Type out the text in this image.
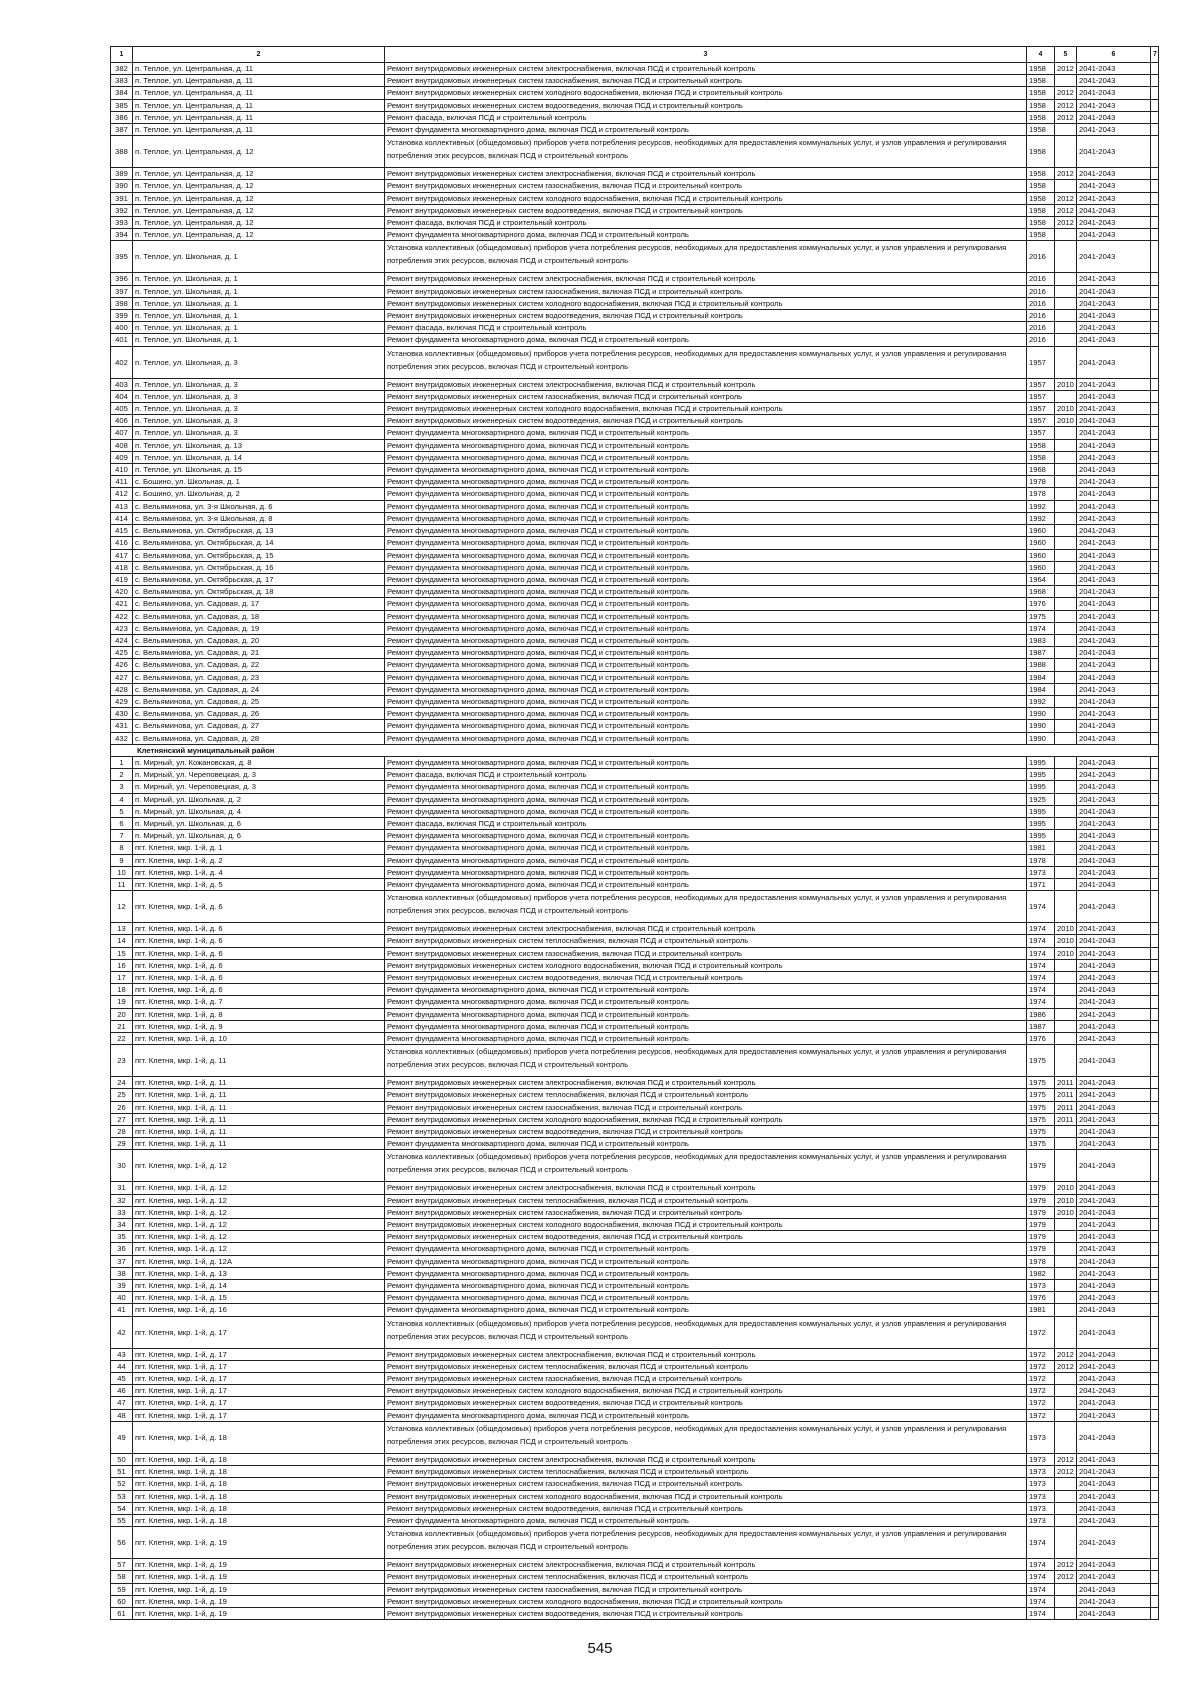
1	2	3	4	5	6	7
382	п. Теплое, ул. Центральная, д. 11	Ремонт внутридомовых инженерных систем электроснабжения, включая ПСД и строительный контроль	1958	2012	2041-2043	
383	п. Теплое, ул. Центральная, д. 11	Ремонт внутридомовых инженерных систем газоснабжения, включая ПСД и строительный контроль	1958		2041-2043	
384	п. Теплое, ул. Центральная, д. 11	Ремонт внутридомовых инженерных систем холодного водоснабжения, включая ПСД и строительный контроль	1958	2012	2041-2043	
385	п. Теплое, ул. Центральная, д. 11	Ремонт внутридомовых инженерных систем водоотведения, включая ПСД и строительный контроль	1958	2012	2041-2043	
386	п. Теплое, ул. Центральная, д. 11	Ремонт фасада, включая ПСД и строительный контроль	1958	2012	2041-2043	
387	п. Теплое, ул. Центральная, д. 11	Ремонт фундамента многоквартирного дома, включая ПСД и строительный контроль	1958		2041-2043	
388	п. Теплое, ул. Центральная, д. 12	Установка коллективных (общедомовых) приборов учета потребления ресурсов, необходимых для предоставления коммунальных услуг, и узлов управления и регулирования потребления этих ресурсов, включая ПСД и строительный контроль	1958		2041-2043	
389	п. Теплое, ул. Центральная, д. 12	Ремонт внутридомовых инженерных систем электроснабжения, включая ПСД и строительный контроль	1958	2012	2041-2043	
390	п. Теплое, ул. Центральная, д. 12	Ремонт внутридомовых инженерных систем газоснабжения, включая ПСД и строительный контроль	1958		2041-2043	
391	п. Теплое, ул. Центральная, д. 12	Ремонт внутридомовых инженерных систем холодного водоснабжения, включая ПСД и строительный контроль	1958	2012	2041-2043	
392	п. Теплое, ул. Центральная, д. 12	Ремонт внутридомовых инженерных систем водоотведения, включая ПСД и строительный контроль	1958	2012	2041-2043	
393	п. Теплое, ул. Центральная, д. 12	Ремонт фасада, включая ПСД и строительный контроль	1958	2012	2041-2043	
394	п. Теплое, ул. Центральная, д. 12	Ремонт фундамента многоквартирного дома, включая ПСД и строительный контроль	1958		2041-2043	
395	п. Теплое, ул. Школьная, д. 1	Установка коллективных (общедомовых) приборов учета потребления ресурсов, необходимых для предоставления коммунальных услуг, и узлов управления и регулирования потребления этих ресурсов, включая ПСД и строительный контроль	2016		2041-2043	
396	п. Теплое, ул. Школьная, д. 1	Ремонт внутридомовых инженерных систем электроснабжения, включая ПСД и строительный контроль	2016		2041-2043	
397	п. Теплое, ул. Школьная, д. 1	Ремонт внутридомовых инженерных систем газоснабжения, включая ПСД и строительный контроль	2016		2041-2043	
398	п. Теплое, ул. Школьная, д. 1	Ремонт внутридомовых инженерных систем холодного водоснабжения, включая ПСД и строительный контроль	2016		2041-2043	
399	п. Теплое, ул. Школьная, д. 1	Ремонт внутридомовых инженерных систем водоотведения, включая ПСД и строительный контроль	2016		2041-2043	
400	п. Теплое, ул. Школьная, д. 1	Ремонт фасада, включая ПСД и строительный контроль	2016		2041-2043	
401	п. Теплое, ул. Школьная, д. 1	Ремонт фундамента многоквартирного дома, включая ПСД и строительный контроль	2016		2041-2043	
402	п. Теплое, ул. Школьная, д. 3	Установка коллективных (общедомовых) приборов учета потребления ресурсов, необходимых для предоставления коммунальных услуг, и узлов управления и регулирования потребления этих ресурсов, включая ПСД и строительный контроль	1957		2041-2043	
403	п. Теплое, ул. Школьная, д. 3	Ремонт внутридомовых инженерных систем электроснабжения, включая ПСД и строительный контроль	1957	2010	2041-2043	
404	п. Теплое, ул. Школьная, д. 3	Ремонт внутридомовых инженерных систем газоснабжения, включая ПСД и строительный контроль	1957		2041-2043	
405	п. Теплое, ул. Школьная, д. 3	Ремонт внутридомовых инженерных систем холодного водоснабжения, включая ПСД и строительный контроль	1957	2010	2041-2043	
406	п. Теплое, ул. Школьная, д. 3	Ремонт внутридомовых инженерных систем водоотведения, включая ПСД и строительный контроль	1957	2010	2041-2043	
407	п. Теплое, ул. Школьная, д. 3	Ремонт фундамента многоквартирного дома, включая ПСД и строительный контроль	1957		2041-2043	
408	п. Теплое, ул. Школьная, д. 13	Ремонт фундамента многоквартирного дома, включая ПСД и строительный контроль	1958		2041-2043	
409	п. Теплое, ул. Школьная, д. 14	Ремонт фундамента многоквартирного дома, включая ПСД и строительный контроль	1958		2041-2043	
410	п. Теплое, ул. Школьная, д. 15	Ремонт фундамента многоквартирного дома, включая ПСД и строительный контроль	1968		2041-2043	
411	с. Бошино, ул. Школьная, д. 1	Ремонт фундамента многоквартирного дома, включая ПСД и строительный контроль	1978		2041-2043	
412	с. Бошино, ул. Школьная, д. 2	Ремонт фундамента многоквартирного дома, включая ПСД и строительный контроль	1978		2041-2043	
413	с. Вельяминова, ул. 3-я Школьная, д. 6	Ремонт фундамента многоквартирного дома, включая ПСД и строительный контроль	1992		2041-2043	
414	с. Вельяминова, ул. 3-я Школьная, д. 8	Ремонт фундамента многоквартирного дома, включая ПСД и строительный контроль	1992		2041-2043	
415	с. Вельяминова, ул. Октябрьская, д. 13	Ремонт фундамента многоквартирного дома, включая ПСД и строительный контроль	1960		2041-2043	
416	с. Вельяминова, ул. Октябрьская, д. 14	Ремонт фундамента многоквартирного дома, включая ПСД и строительный контроль	1960		2041-2043	
417	с. Вельяминова, ул. Октябрьская, д. 15	Ремонт фундамента многоквартирного дома, включая ПСД и строительный контроль	1960		2041-2043	
418	с. Вельяминова, ул. Октябрьская, д. 16	Ремонт фундамента многоквартирного дома, включая ПСД и строительный контроль	1960		2041-2043	
419	с. Вельяминова, ул. Октябрьская, д. 17	Ремонт фундамента многоквартирного дома, включая ПСД и строительный контроль	1964		2041-2043	
420	с. Вельяминова, ул. Октябрьская, д. 18	Ремонт фундамента многоквартирного дома, включая ПСД и строительный контроль	1968		2041-2043	
421	с. Вельяминова, ул. Садовая, д. 17	Ремонт фундамента многоквартирного дома, включая ПСД и строительный контроль	1976		2041-2043	
422	с. Вельяминова, ул. Садовая, д. 18	Ремонт фундамента многоквартирного дома, включая ПСД и строительный контроль	1975		2041-2043	
423	с. Вельяминова, ул. Садовая, д. 19	Ремонт фундамента многоквартирного дома, включая ПСД и строительный контроль	1974		2041-2043	
424	с. Вельяминова, ул. Садовая, д. 20	Ремонт фундамента многоквартирного дома, включая ПСД и строительный контроль	1983		2041-2043	
425	с. Вельяминова, ул. Садовая, д. 21	Ремонт фундамента многоквартирного дома, включая ПСД и строительный контроль	1987		2041-2043	
426	с. Вельяминова, ул. Садовая, д. 22	Ремонт фундамента многоквартирного дома, включая ПСД и строительный контроль	1988		2041-2043	
427	с. Вельяминова, ул. Садовая, д. 23	Ремонт фундамента многоквартирного дома, включая ПСД и строительный контроль	1984		2041-2043	
428	с. Вельяминова, ул. Садовая, д. 24	Ремонт фундамента многоквартирного дома, включая ПСД и строительный контроль	1984		2041-2043	
429	с. Вельяминова, ул. Садовая, д. 25	Ремонт фундамента многоквартирного дома, включая ПСД и строительный контроль	1992		2041-2043	
430	с. Вельяминова, ул. Садовая, д. 26	Ремонт фундамента многоквартирного дома, включая ПСД и строительный контроль	1990		2041-2043	
431	с. Вельяминова, ул. Садовая, д. 27	Ремонт фундамента многоквартирного дома, включая ПСД и строительный контроль	1990		2041-2043	
432	с. Вельяминова, ул. Садовая, д. 28	Ремонт фундамента многоквартирного дома, включая ПСД и строительный контроль	1990		2041-2043	
Клетнянский муниципальный район						
1	п. Мирный, ул. Кожановская, д. 8	Ремонт фундамента многоквартирного дома, включая ПСД и строительный контроль	1995		2041-2043	
2	п. Мирный, ул. Череповецкая, д. 3	Ремонт фасада, включая ПСД и строительный контроль	1995		2041-2043	
3	п. Мирный, ул. Череповецкая, д. 3	Ремонт фундамента многоквартирного дома, включая ПСД и строительный контроль	1995		2041-2043	
4	п. Мирный, ул. Школьная, д. 2	Ремонт фундамента многоквартирного дома, включая ПСД и строительный контроль	1925		2041-2043	
5	п. Мирный, ул. Школьная, д. 4	Ремонт фундамента многоквартирного дома, включая ПСД и строительный контроль	1995		2041-2043	
6	п. Мирный, ул. Школьная, д. 6	Ремонт фасада, включая ПСД и строительный контроль	1995		2041-2043	
7	п. Мирный, ул. Школьная, д. 6	Ремонт фундамента многоквартирного дома, включая ПСД и строительный контроль	1995		2041-2043	
8	пгт. Клетня, мкр. 1-й, д. 1	Ремонт фундамента многоквартирного дома, включая ПСД и строительный контроль	1981		2041-2043	
9	пгт. Клетня, мкр. 1-й, д. 2	Ремонт фундамента многоквартирного дома, включая ПСД и строительный контроль	1978		2041-2043	
10	пгт. Клетня, мкр. 1-й, д. 4	Ремонт фундамента многоквартирного дома, включая ПСД и строительный контроль	1973		2041-2043	
11	пгт. Клетня, мкр. 1-й, д. 5	Ремонт фундамента многоквартирного дома, включая ПСД и строительный контроль	1971		2041-2043	
12	пгт. Клетня, мкр. 1-й, д. 6	Установка коллективных (общедомовых) приборов учета потребления ресурсов, необходимых для предоставления коммунальных услуг, и узлов управления и регулирования потребления этих ресурсов, включая ПСД и строительный контроль	1974		2041-2043	
13	пгт. Клетня, мкр. 1-й, д. 6	Ремонт внутридомовых инженерных систем электроснабжения, включая ПСД и строительный контроль	1974	2010	2041-2043	
14	пгт. Клетня, мкр. 1-й, д. 6	Ремонт внутридомовых инженерных систем теплоснабжения, включая ПСД и строительный контроль	1974	2010	2041-2043	
15	пгт. Клетня, мкр. 1-й, д. 6	Ремонт внутридомовых инженерных систем газоснабжения, включая ПСД и строительный контроль	1974	2010	2041-2043	
16	пгт. Клетня, мкр. 1-й, д. 6	Ремонт внутридомовых инженерных систем холодного водоснабжения, включая ПСД и строительный контроль	1974		2041-2043	
17	пгт. Клетня, мкр. 1-й, д. 6	Ремонт внутридомовых инженерных систем водоотведения, включая ПСД и строительный контроль	1974		2041-2043	
18	пгт. Клетня, мкр. 1-й, д. 6	Ремонт фундамента многоквартирного дома, включая ПСД и строительный контроль	1974		2041-2043	
19	пгт. Клетня, мкр. 1-й, д. 7	Ремонт фундамента многоквартирного дома, включая ПСД и строительный контроль	1974		2041-2043	
20	пгт. Клетня, мкр. 1-й, д. 8	Ремонт фундамента многоквартирного дома, включая ПСД и строительный контроль	1986		2041-2043	
21	пгт. Клетня, мкр. 1-й, д. 9	Ремонт фундамента многоквартирного дома, включая ПСД и строительный контроль	1987		2041-2043	
22	пгт. Клетня, мкр. 1-й, д. 10	Ремонт фундамента многоквартирного дома, включая ПСД и строительный контроль	1976		2041-2043	
23	пгт. Клетня, мкр. 1-й, д. 11	Установка коллективных (общедомовых) приборов учета потребления ресурсов, необходимых для предоставления коммунальных услуг, и узлов управления и регулирования потребления этих ресурсов, включая ПСД и строительный контроль	1975		2041-2043	
24	пгт. Клетня, мкр. 1-й, д. 11	Ремонт внутридомовых инженерных систем электроснабжения, включая ПСД и строительный контроль	1975	2011	2041-2043	
25	пгт. Клетня, мкр. 1-й, д. 11	Ремонт внутридомовых инженерных систем теплоснабжения, включая ПСД и строительный контроль	1975	2011	2041-2043	
26	пгт. Клетня, мкр. 1-й, д. 11	Ремонт внутридомовых инженерных систем газоснабжения, включая ПСД и строительный контроль	1975	2011	2041-2043	
27	пгт. Клетня, мкр. 1-й, д. 11	Ремонт внутридомовых инженерных систем холодного водоснабжения, включая ПСД и строительный контроль	1975	2011	2041-2043	
28	пгт. Клетня, мкр. 1-й, д. 11	Ремонт внутридомовых инженерных систем водоотведения, включая ПСД и строительный контроль	1975		2041-2043	
29	пгт. Клетня, мкр. 1-й, д. 11	Ремонт фундамента многоквартирного дома, включая ПСД и строительный контроль	1975		2041-2043	
30	пгт. Клетня, мкр. 1-й, д. 12	Установка коллективных (общедомовых) приборов учета потребления ресурсов, необходимых для предоставления коммунальных услуг, и узлов управления и регулирования потребления этих ресурсов, включая ПСД и строительный контроль	1979		2041-2043	
31	пгт. Клетня, мкр. 1-й, д. 12	Ремонт внутридомовых инженерных систем электроснабжения, включая ПСД и строительный контроль	1979	2010	2041-2043	
32	пгт. Клетня, мкр. 1-й, д. 12	Ремонт внутридомовых инженерных систем теплоснабжения, включая ПСД и строительный контроль	1979	2010	2041-2043	
33	пгт. Клетня, мкр. 1-й, д. 12	Ремонт внутридомовых инженерных систем газоснабжения, включая ПСД и строительный контроль	1979	2010	2041-2043	
34	пгт. Клетня, мкр. 1-й, д. 12	Ремонт внутридомовых инженерных систем холодного водоснабжения, включая ПСД и строительный контроль	1979		2041-2043	
35	пгт. Клетня, мкр. 1-й, д. 12	Ремонт внутридомовых инженерных систем водоотведения, включая ПСД и строительный контроль	1979		2041-2043	
36	пгт. Клетня, мкр. 1-й, д. 12	Ремонт фундамента многоквартирного дома, включая ПСД и строительный контроль	1979		2041-2043	
37	пгт. Клетня, мкр. 1-й, д. 12А	Ремонт фундамента многоквартирного дома, включая ПСД и строительный контроль	1978		2041-2043	
38	пгт. Клетня, мкр. 1-й, д. 13	Ремонт фундамента многоквартирного дома, включая ПСД и строительный контроль	1982		2041-2043	
39	пгт. Клетня, мкр. 1-й, д. 14	Ремонт фундамента многоквартирного дома, включая ПСД и строительный контроль	1973		2041-2043	
40	пгт. Клетня, мкр. 1-й, д. 15	Ремонт фундамента многоквартирного дома, включая ПСД и строительный контроль	1976		2041-2043	
41	пгт. Клетня, мкр. 1-й, д. 16	Ремонт фундамента многоквартирного дома, включая ПСД и строительный контроль	1981		2041-2043	
42	пгт. Клетня, мкр. 1-й, д. 17	Установка коллективных (общедомовых) приборов учета потребления ресурсов, необходимых для предоставления коммунальных услуг, и узлов управления и регулирования потребления этих ресурсов, включая ПСД и строительный контроль	1972		2041-2043	
43	пгт. Клетня, мкр. 1-й, д. 17	Ремонт внутридомовых инженерных систем электроснабжения, включая ПСД и строительный контроль	1972	2012	2041-2043	
44	пгт. Клетня, мкр. 1-й, д. 17	Ремонт внутридомовых инженерных систем теплоснабжения, включая ПСД и строительный контроль	1972	2012	2041-2043	
45	пгт. Клетня, мкр. 1-й, д. 17	Ремонт внутридомовых инженерных систем газоснабжения, включая ПСД и строительный контроль	1972		2041-2043	
46	пгт. Клетня, мкр. 1-й, д. 17	Ремонт внутридомовых инженерных систем холодного водоснабжения, включая ПСД и строительный контроль	1972		2041-2043	
47	пгт. Клетня, мкр. 1-й, д. 17	Ремонт внутридомовых инженерных систем водоотведения, включая ПСД и строительный контроль	1972		2041-2043	
48	пгт. Клетня, мкр. 1-й, д. 17	Ремонт фундамента многоквартирного дома, включая ПСД и строительный контроль	1972		2041-2043	
49	пгт. Клетня, мкр. 1-й, д. 18	Установка коллективных (общедомовых) приборов учета потребления ресурсов, необходимых для предоставления коммунальных услуг, и узлов управления и регулирования потребления этих ресурсов, включая ПСД и строительный контроль	1973		2041-2043	
50	пгт. Клетня, мкр. 1-й, д. 18	Ремонт внутридомовых инженерных систем электроснабжения, включая ПСД и строительный контроль	1973	2012	2041-2043	
51	пгт. Клетня, мкр. 1-й, д. 18	Ремонт внутридомовых инженерных систем теплоснабжения, включая ПСД и строительный контроль	1973	2012	2041-2043	
52	пгт. Клетня, мкр. 1-й, д. 18	Ремонт внутридомовых инженерных систем газоснабжения, включая ПСД и строительный контроль	1973		2041-2043	
53	пгт. Клетня, мкр. 1-й, д. 18	Ремонт внутридомовых инженерных систем холодного водоснабжения, включая ПСД и строительный контроль	1973		2041-2043	
54	пгт. Клетня, мкр. 1-й, д. 18	Ремонт внутридомовых инженерных систем водоотведения, включая ПСД и строительный контроль	1973		2041-2043	
55	пгт. Клетня, мкр. 1-й, д. 18	Ремонт фундамента многоквартирного дома, включая ПСД и строительный контроль	1973		2041-2043	
56	пгт. Клетня, мкр. 1-й, д. 19	Установка коллективных (общедомовых) приборов учета потребления ресурсов, необходимых для предоставления коммунальных услуг, и узлов управления и регулирования потребления этих ресурсов, включая ПСД и строительный контроль	1974		2041-2043	
57	пгт. Клетня, мкр. 1-й, д. 19	Ремонт внутридомовых инженерных систем электроснабжения, включая ПСД и строительный контроль	1974	2012	2041-2043	
58	пгт. Клетня, мкр. 1-й, д. 19	Ремонт внутридомовых инженерных систем теплоснабжения, включая ПСД и строительный контроль	1974	2012	2041-2043	
59	пгт. Клетня, мкр. 1-й, д. 19	Ремонт внутридомовых инженерных систем газоснабжения, включая ПСД и строительный контроль	1974		2041-2043	
60	пгт. Клетня, мкр. 1-й, д. 19	Ремонт внутридомовых инженерных систем холодного водоснабжения, включая ПСД и строительный контроль	1974		2041-2043	
61	пгт. Клетня, мкр. 1-й, д. 19	Ремонт внутридомовых инженерных систем водоотведения, включая ПСД и строительный контроль	1974		2041-2043	
545
